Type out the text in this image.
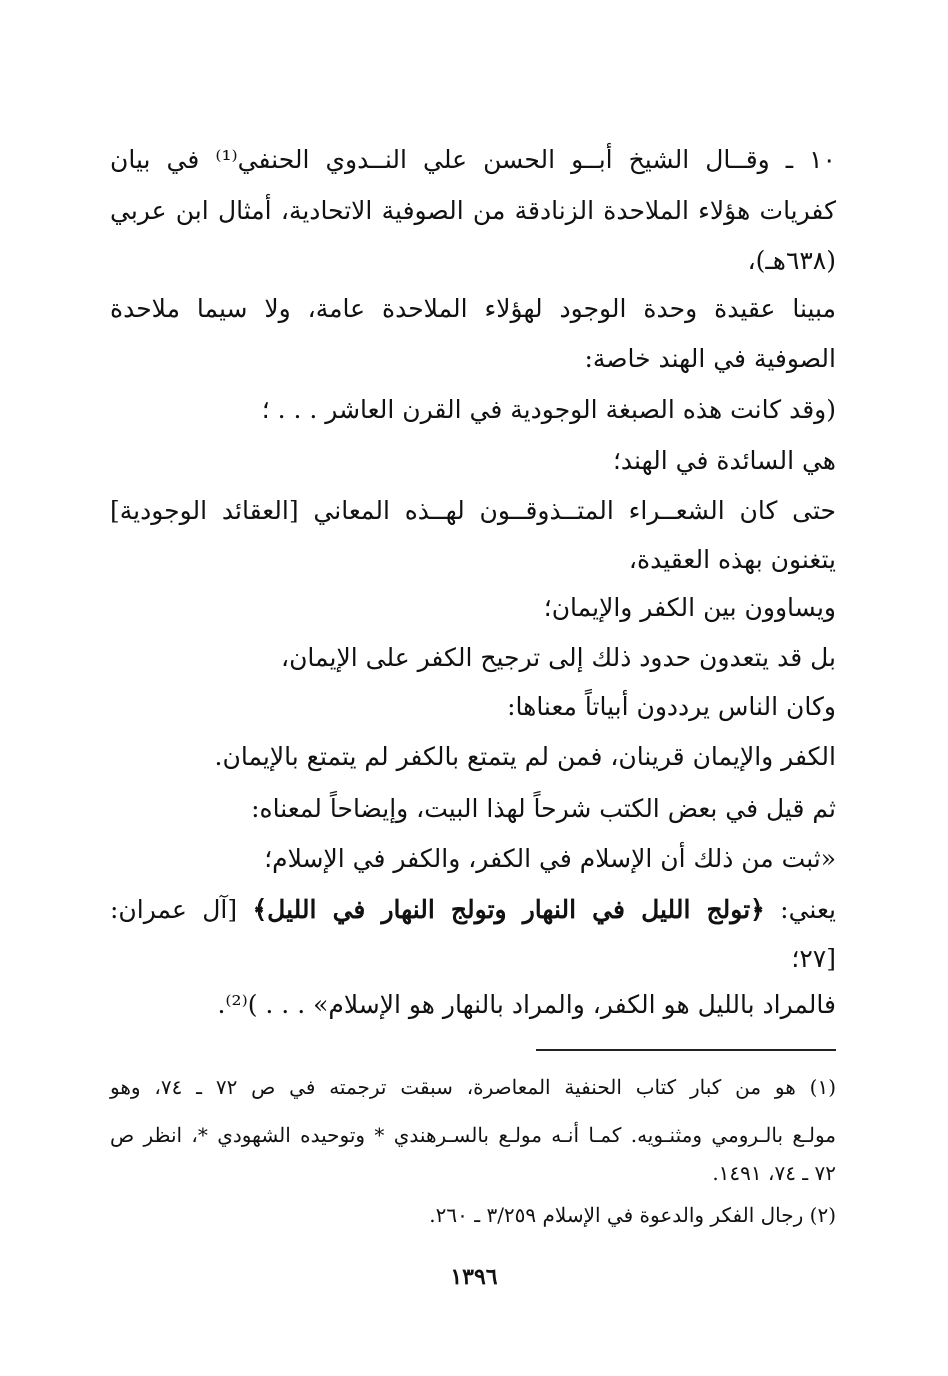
١٠ ـ وقــال الشيخ أبــو الحسن علي النــدوي الحنفي⁽¹⁾ في بيان
كفريات هؤلاء الملاحدة الزنادقة من الصوفية الاتحادية، أمثال ابن عربي
(٦٣٨هـ)،
مبينا عقيدة وحدة الوجود لهؤلاء الملاحدة عامة، ولا سيما ملاحدة
الصوفية في الهند خاصة:
(وقد كانت هذه الصبغة الوجودية في القرن العاشر . . . ؛
هي السائدة في الهند؛
حتى كان الشعــراء المتــذوقــون لهــذه المعاني [العقائد الوجودية]
يتغنون بهذه العقيدة،
ويساوون بين الكفر والإيمان؛
بل قد يتعدون حدود ذلك إلى ترجيح الكفر على الإيمان،
وكان الناس يرددون أبياتاً معناها:
الكفر والإيمان قرينان، فمن لم يتمتع بالكفر لم يتمتع بالإيمان.
ثم قيل في بعض الكتب شرحاً لهذا البيت، وإيضاحاً لمعناه:
«ثبت من ذلك أن الإسلام في الكفر، والكفر في الإسلام؛
يعني: ﴿تولج الليل في النهار وتولج النهار في الليل﴾ [آل عمران:
[٢٧؛
فالمراد بالليل هو الكفر، والمراد بالنهار هو الإسلام» . . . )⁽²⁾.
(١) هو من كبار كتاب الحنفية المعاصرة، سبقت ترجمته في ص ٧٢ ـ ٧٤، وهو
مولـع بالـرومي ومثنـويه. كمـا أنـه مولـع بالسـرهندي * وتوحيده الشهودي *، انظر ص
٧٢ ـ ٧٤، ١٤٩١.
(٢) رجال الفكر والدعوة في الإسلام ٣/٢٥٩ ـ ٢٦٠.
١٣٩٦
